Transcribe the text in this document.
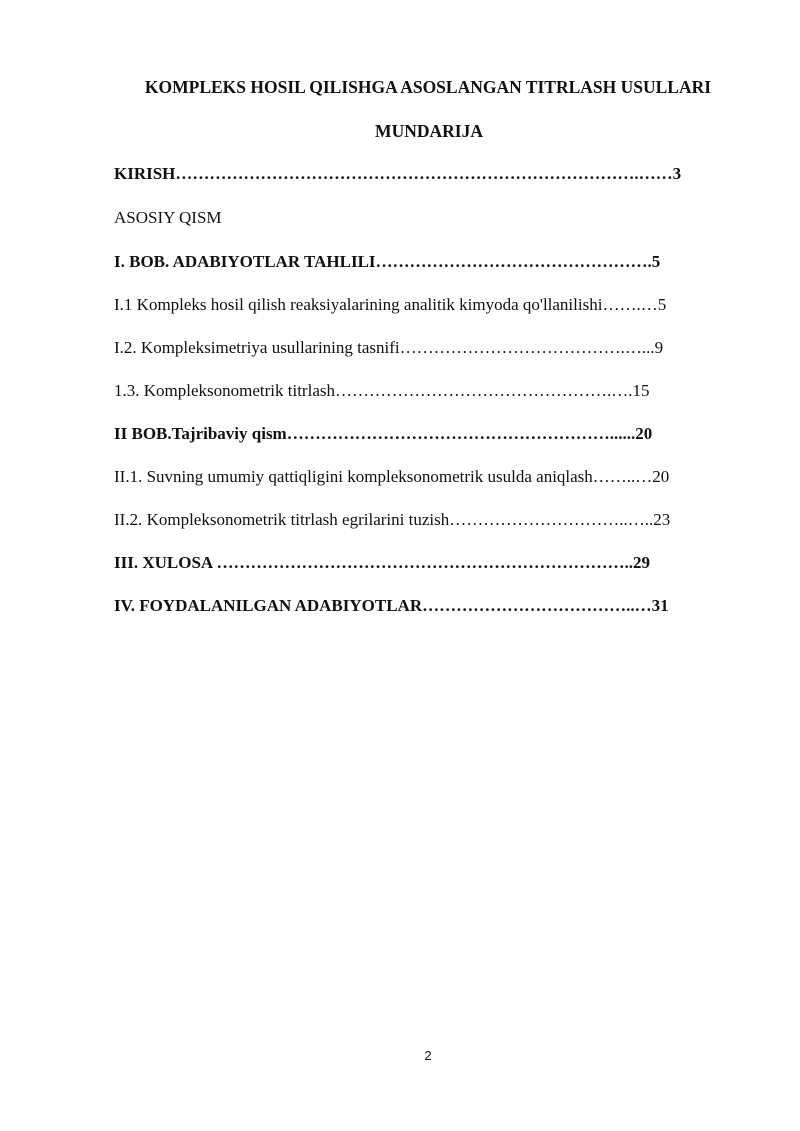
KOMPLEKS HOSIL QILISHGA ASOSLANGAN TITRLASH USULLARI
MUNDARIJA
KIRISH……………………………………………………………………….……3
ASOSIY QISM
I. BOB. ADABIYOTLAR TAHLILI………………………………………….5
I.1 Kompleks hosil qilish reaksiyalarining analitik kimyoda qo'llanilishi…….…5
I.2. Kompleksimetriya usullarining tasnifi………………………………….…...9
1.3. Kompleksonometrik titrlash………………………………………….….15
II BOB.Tajribaviy qism…………………………………………………......20
II.1. Suvning umumiy qattiqligini kompleksonometrik usulda aniqlash……..…20
II.2. Kompleksonometrik titrlash egrilarini tuzish…………………………..…..23
III. XULOSA ………………………………………………………………..29
IV. FOYDALANILGAN ADABIYOTLAR………………………………..…31
2
